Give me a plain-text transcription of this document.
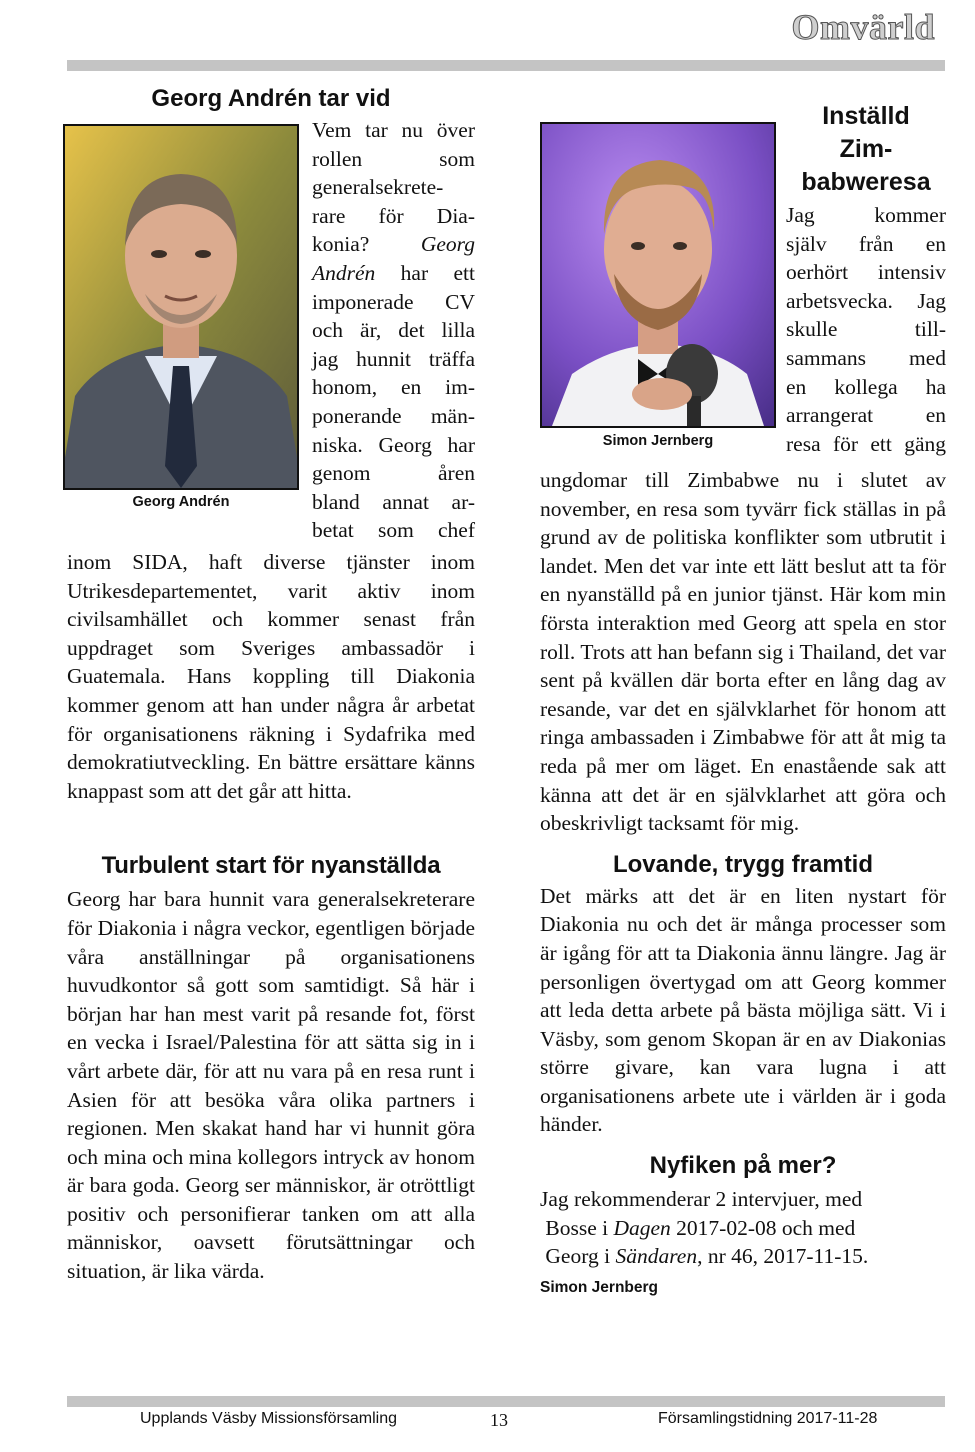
Omvärld
Georg Andrén tar vid
Georg Andrén
Vem tar nu över
rollen som
generalsekrete-
rare för Dia-
konia? Georg
Andrén har ett
imponerade CV
och är, det lilla
jag hunnit träffa
honom, en im-
ponerande män-
niska. Georg har
genom åren
bland annat ar-
betat som chef
inom SIDA, haft diverse tjänster inom Utrikesdepartementet, varit aktiv inom civilsamhället och kommer senast från uppdraget som Sveriges ambassadör i Guatemala. Hans koppling till Diakonia kommer genom att han under några år arbetat för organisationens räkning i Sydafrika med demokratiutveckling. En bättre ersättare känns knappast som att det går att hitta.
Turbulent start för nyanställda
Georg har bara hunnit vara generalsekreterare för Diakonia i några veckor, egentligen började våra anställningar på organisationens huvudkontor så gott som samtidigt. Så här i början har han mest varit på resande fot, först en vecka i Israel/Palestina för att sätta sig in i vårt arbete där, för att nu vara på en resa runt i Asien för att besöka våra olika partners i regionen. Men skakat hand har vi hunnit göra och mina och mina kollegors intryck av honom är bara goda. Georg ser människor, är otröttligt positiv och personifierar tanken om att alla människor, oavsett förutsättningar och situation, är lika värda.
Simon Jernberg
Inställd
Zim-
babweresa
Jag kommer
själv från en
oerhört intensiv
arbetsvecka. Jag
skulle till-
sammans med
en kollega ha
arrangerat en
resa för ett gäng
ungdomar till Zimbabwe nu i slutet av november, en resa som tyvärr fick ställas in på grund av de politiska konflikter som utbrutit i landet. Men det var inte ett lätt beslut att ta för en nyanställd på en junior tjänst. Här kom min första interaktion med Georg att spela en stor roll. Trots att han befann sig i Thailand, det var sent på kvällen där borta efter en lång dag av resande, var det en självklarhet för honom att ringa ambassaden i Zimbabwe för att åt mig ta reda på mer om läget. En enastående sak att känna att det är en självklarhet att göra och obeskrivligt tacksamt för mig.
Lovande, trygg framtid
Det märks att det är en liten nystart för Diakonia nu och det är många processer som är igång för att ta Diakonia ännu längre. Jag är personligen övertygad om att Georg kommer att leda detta arbete på bästa möjliga sätt. Vi i Väsby, som genom Skopan är en av Diakonias större givare, kan vara lugna i att organisationens arbete ute i världen är i goda händer.
Nyfiken på mer?
Jag rekommenderar 2 intervjuer, med
Bosse i Dagen 2017-02-08 och med
Georg i Sändaren, nr 46, 2017-11-15.
Simon Jernberg
Upplands Väsby Missionsförsamling	13	Församlingstidning 2017-11-28
